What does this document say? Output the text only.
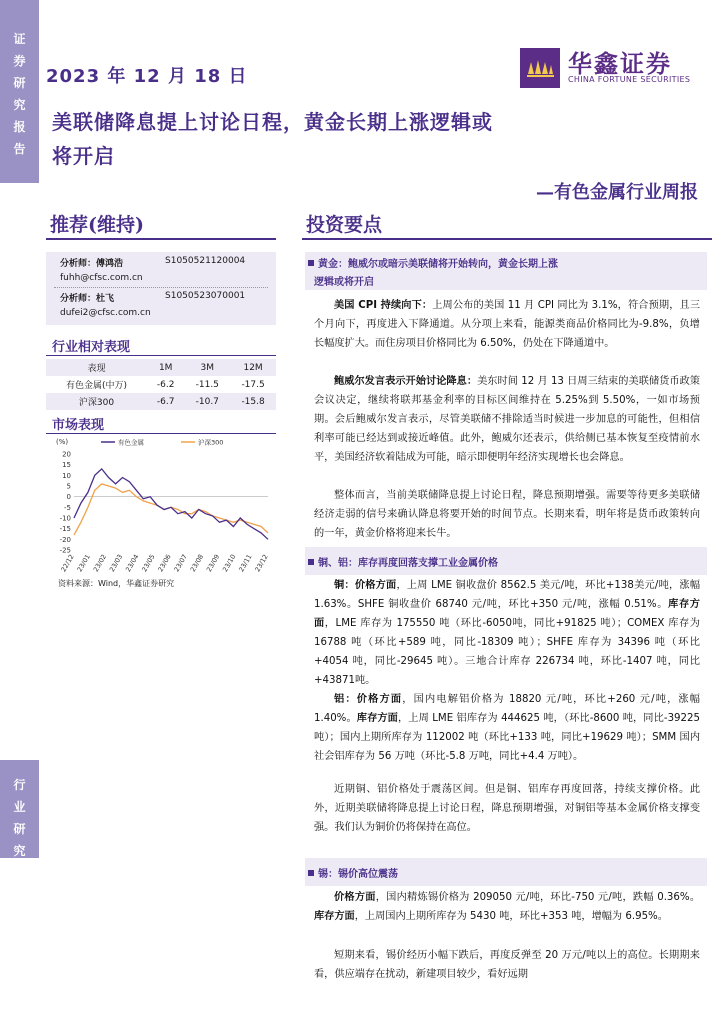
证
券
研
究
报
告
行
业
研
究
2023 年 12 月 18 日	华鑫证券
CHINA FORTUNE SECURITIES
美联储降息提上讨论日程，黄金长期上涨逻辑或
将开启
—有色金属行业周报
推荐(维持)	投资要点
分析师：傅鸿浩	S1050521120004
fuhh@cfsc.com.cn
分析师：杜飞	S1050523070001
dufei2@cfsc.com.cn
行业相对表现
表现	1M	3M	12M
有色金属(中万)	-6.2	-11.5	-17.5
沪深300	-6.7	-10.7	-15.8
市场表现
(%)	有色金属	沪深300
20
15
10
5
0
-5
-10
-15
-20
-25
22/12 23/01 23/02 23/03 23/04 23/05 23/06 23/07 23/08 23/09 23/10 23/11 23/12
资料来源：Wind，华鑫证券研究
黄金：鲍威尔或暗示美联储将开始转向，黄金长期上涨
逻辑或将开启
美国 CPI 持续向下：上周公布的美国 11 月 CPI 同比为 3.1%，符合预期，且三个月向下，再度进入下降通道。从分项上来看，能源类商品价格同比为-9.8%，负增长幅度扩大。而住房项目价格同比为 6.50%，仍处在下降通道中。
鲍威尔发言表示开始讨论降息：美东时间 12 月 13 日周三结束的美联储货币政策会议决定，继续将联邦基金利率的目标区间维持在 5.25%到 5.50%，一如市场预期。会后鲍威尔发言表示，尽管美联储不排除适当时候进一步加息的可能性，但相信利率可能已经达到或接近峰值。此外，鲍威尔还表示，供给侧已基本恢复至疫情前水平，美国经济软着陆成为可能，暗示即便明年经济实现增长也会降息。
整体而言，当前美联储降息提上讨论日程，降息预期增强。需要等待更多美联储经济走弱的信号来确认降息将要开始的时间节点。长期来看，明年将是货币政策转向的一年，黄金价格将迎来长牛。
铜、铝：库存再度回落支撑工业金属价格
铜：价格方面，上周 LME 铜收盘价 8562.5 美元/吨，环比+138美元/吨，涨幅 1.63%。SHFE 铜收盘价 68740 元/吨，环比+350 元/吨，涨幅 0.51%。库存方面，LME 库存为 175550 吨（环比-6050吨，同比+91825 吨）；COMEX 库存为 16788 吨（环比+589 吨，同比-18309 吨）；SHFE 库存为 34396 吨（环比+4054 吨，同比-29645 吨）。三地合计库存 226734 吨，环比-1407 吨，同比+43871吨。
铝：价格方面，国内电解铝价格为 18820 元/吨，环比+260 元/吨，涨幅 1.40%。库存方面，上周 LME 铝库存为 444625 吨，（环比-8600 吨，同比-39225 吨）；国内上期所库存为 112002 吨（环比+133 吨，同比+19629 吨）；SMM 国内社会铝库存为 56 万吨（环比-5.8 万吨，同比+4.4 万吨）。
近期铜、铝价格处于震荡区间。但是铜、铝库存再度回落，持续支撑价格。此外，近期美联储将降息提上讨论日程，降息预期增强，对铜铝等基本金属价格支撑变强。我们认为铜价仍将保持在高位。
锡：锡价高位震荡
价格方面，国内精炼锡价格为 209050 元/吨，环比-750 元/吨，跌幅 0.36%。库存方面，上周国内上期所库存为 5430 吨，环比+353 吨，增幅为 6.95%。
短期来看，锡价经历小幅下跌后，再度反弹至 20 万元/吨以上的高位。长期期来看，供应端存在扰动，新建项目较少，看好远期
